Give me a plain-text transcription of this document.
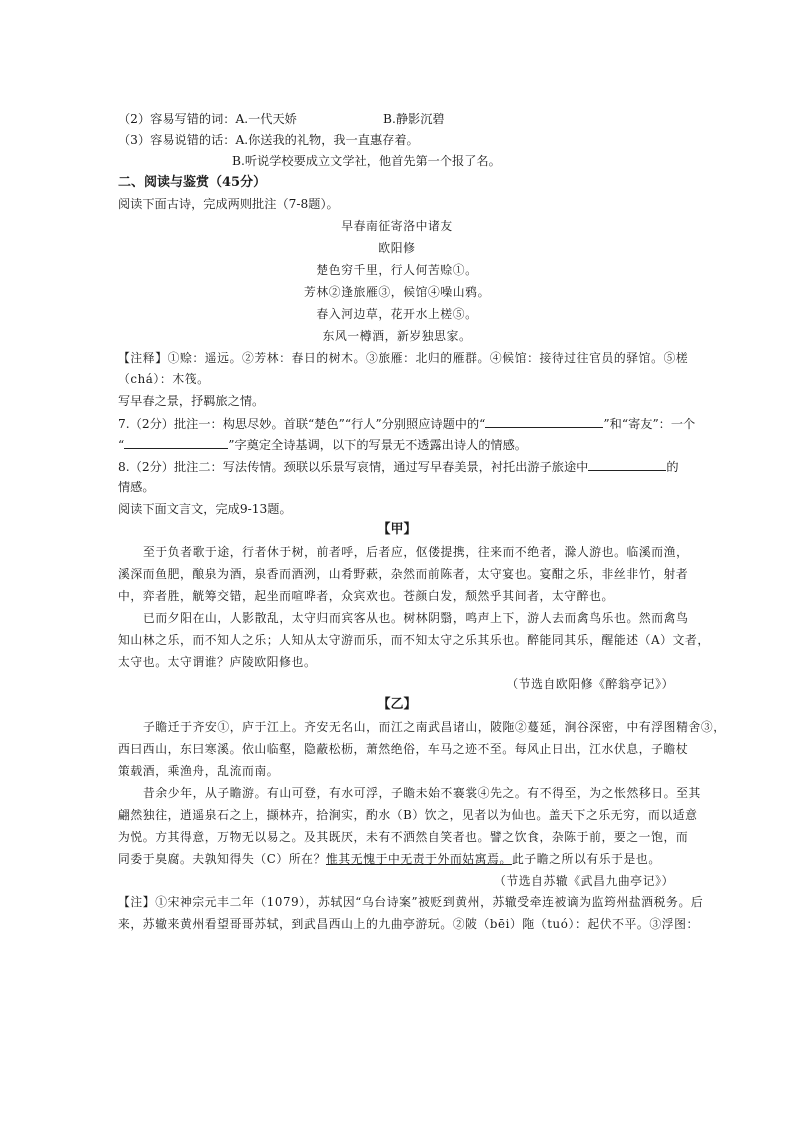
（2）容易写错的词：A.一代天娇	B.静影沉碧
（3）容易说错的话：A.你送我的礼物，我一直惠存着。
B.听说学校要成立文学社，他首先第一个报了名。
二、阅读与鉴赏（45分）
阅读下面古诗，完成两则批注（7-8题）。
早春南征寄洛中诸友
欧阳修
楚色穷千里，行人何苦赊①。
芳林②逢旅雁③，候馆④噪山鸦。
春入河边草，花开水上槎⑤。
东风一樽酒，新岁独思家。
【注释】①赊：遥远。②芳林：春日的树木。③旅雁：北归的雁群。④候馆：接待过往官员的驿馆。⑤槎
（chá）：木筏。
写早春之景，抒羁旅之情。
7.（2分）批注一：构思尽妙。首联“楚色”“行人”分别照应诗题中的“	”和“寄友”：一个
“	”字奠定全诗基调，以下的写景无不透露出诗人的情感。
8.（2分）批注二：写法传情。颈联以乐景写哀情，通过写早春美景，衬托出游子旅途中	的
情感。
阅读下面文言文，完成9-13题。
【甲】
至于负者歌于途，行者休于树，前者呼，后者应，伛偻提携，往来而不绝者，滁人游也。临溪而渔，
溪深而鱼肥，酿泉为酒，泉香而酒洌，山肴野蔌，杂然而前陈者，太守宴也。宴酣之乐，非丝非竹，射者
中，弈者胜，觥筹交错，起坐而喧哗者，众宾欢也。苍颜白发，颓然乎其间者，太守醉也。
已而夕阳在山，人影散乱，太守归而宾客从也。树林阴翳，鸣声上下，游人去而禽鸟乐也。然而禽鸟
知山林之乐，而不知人之乐；人知从太守游而乐，而不知太守之乐其乐也。醉能同其乐，醒能述（A）文者，
太守也。太守谓谁？庐陵欧阳修也。
（节选自欧阳修《醉翁亭记》）
【乙】
子瞻迁于齐安①，庐于江上。齐安无名山，而江之南武昌诸山，陂陁②蔓延，涧谷深密，中有浮图精舍③，
西曰西山，东曰寒溪。依山临壑，隐蔽松枥，萧然绝俗，车马之迹不至。每风止日出，江水伏息，子瞻杖
策载酒，乘渔舟，乱流而南。
昔余少年，从子瞻游。有山可登，有水可浮，子瞻未始不褰裳④先之。有不得至，为之怅然移日。至其
翩然独往，逍遥泉石之上，撷林卉，拾涧实，酌水（B）饮之，见者以为仙也。盖天下之乐无穷，而以适意
为悦。方其得意，万物无以易之。及其既厌，未有不洒然自笑者也。譬之饮食，杂陈于前，要之一饱，而
同委于臭腐。夫孰知得失（C）所在？惟其无愧于中无责于外而姑寓焉。此子瞻之所以有乐于是也。
（节选自苏辙《武昌九曲亭记》）
【注】①宋神宗元丰二年（1079），苏轼因“乌台诗案”被贬到黄州，苏辙受牵连被谪为监筠州盐酒税务。后
来，苏辙来黄州看望哥哥苏轼，到武昌西山上的九曲亭游玩。②陂（bēi）陁（tuó）：起伏不平。③浮图：
